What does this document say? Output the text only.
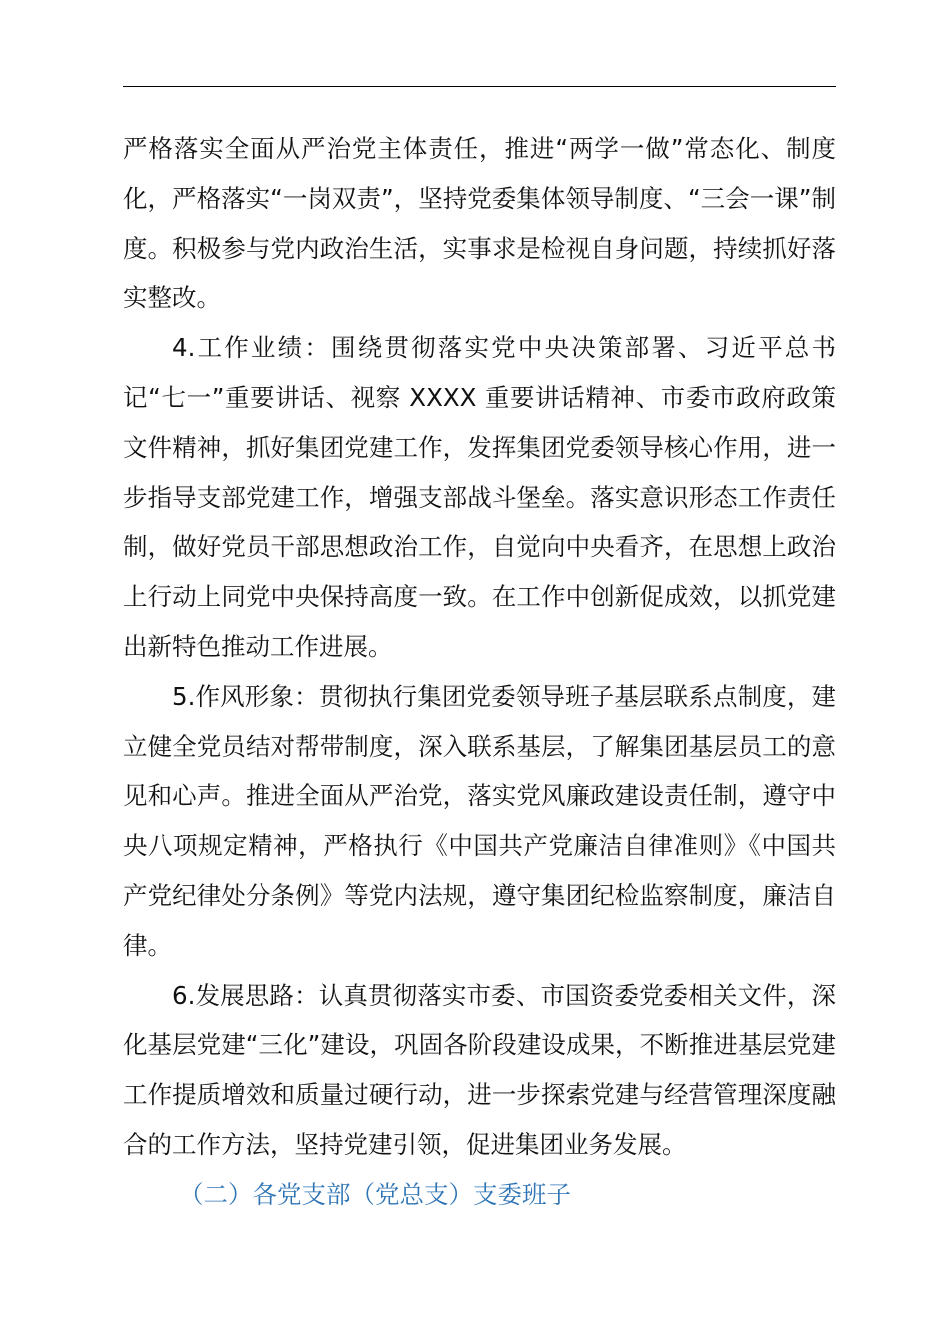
严格落实全面从严治党主体责任，推进“两学一做”常态化、制度化，严格落实“一岗双责”，坚持党委集体领导制度、“三会一课”制度。积极参与党内政治生活，实事求是检视自身问题，持续抓好落实整改。

4.工作业绩：围绕贯彻落实党中央决策部署、习近平总书记“七一”重要讲话、视察 XXXX 重要讲话精神、市委市政府政策文件精神，抓好集团党建工作，发挥集团党委领导核心作用，进一步指导支部党建工作，增强支部战斗堡垒。落实意识形态工作责任制，做好党员干部思想政治工作，自觉向中央看齐，在思想上政治上行动上同党中央保持高度一致。在工作中创新促成效，以抓党建出新特色推动工作进展。

5.作风形象：贯彻执行集团党委领导班子基层联系点制度，建立健全党员结对帮带制度，深入联系基层，了解集团基层员工的意见和心声。推进全面从严治党，落实党风廉政建设责任制，遵守中央八项规定精神，严格执行《中国共产党廉洁自律准则》《中国共产党纪律处分条例》等党内法规，遵守集团纪检监察制度，廉洁自律。

6.发展思路：认真贯彻落实市委、市国资委党委相关文件，深化基层党建“三化”建设，巩固各阶段建设成果，不断推进基层党建工作提质增效和质量过硬行动，进一步探索党建与经营管理深度融合的工作方法，坚持党建引领，促进集团业务发展。

（二）各党支部（党总支）支委班子
